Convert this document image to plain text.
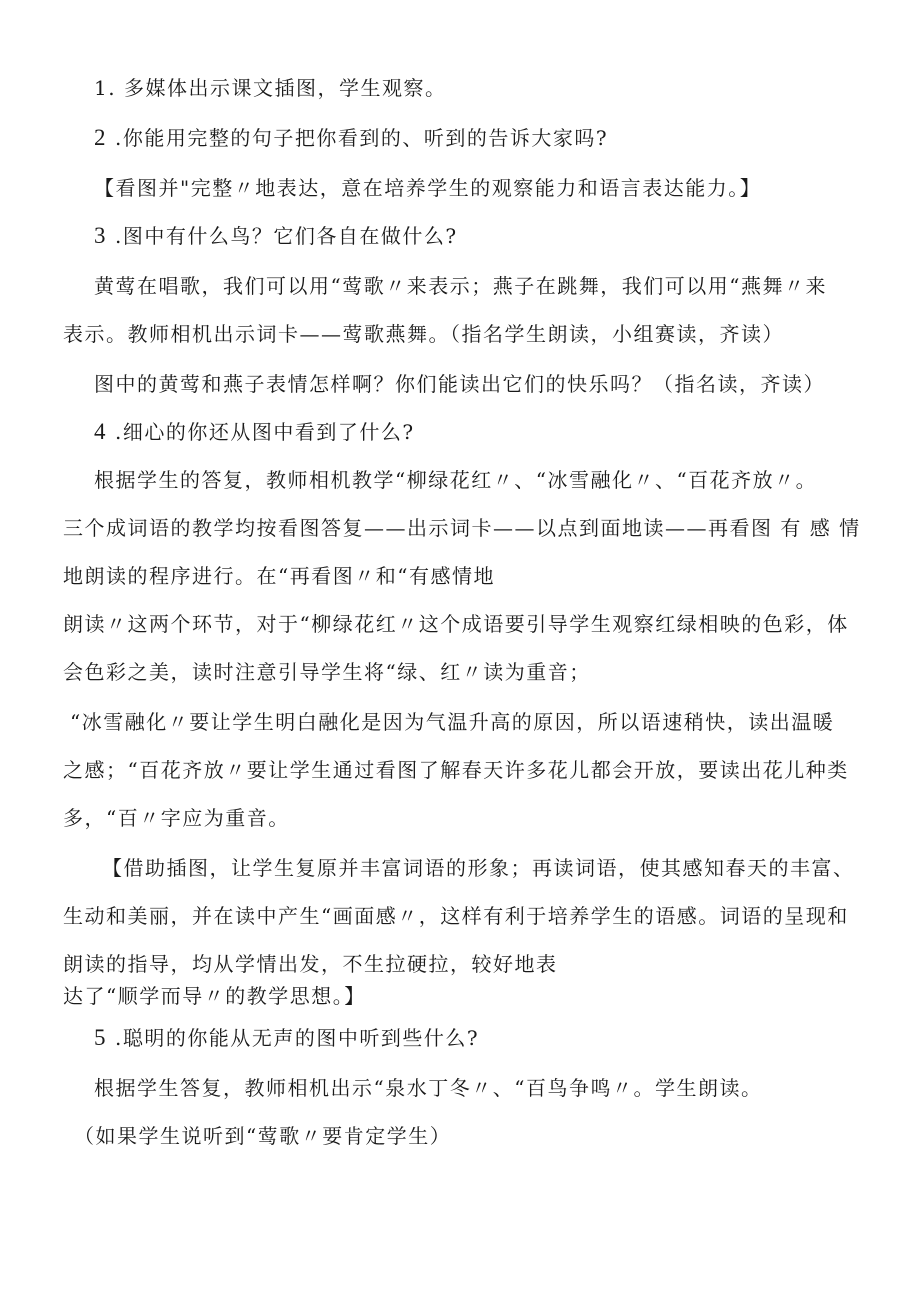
1. 多媒体出示课文插图，学生观察。
2 .你能用完整的句子把你看到的、听到的告诉大家吗?
【看图并"完整〃地表达，意在培养学生的观察能力和语言表达能力。】
3 .图中有什么鸟？它们各自在做什么?
黄莺在唱歌，我们可以用“莺歌〃来表示；燕子在跳舞，我们可以用“燕舞〃来
表示。教师相机出示词卡——莺歌燕舞。（指名学生朗读，小组赛读，齐读）
图中的黄莺和燕子表情怎样啊？你们能读出它们的快乐吗？（指名读，齐读）
4 .细心的你还从图中看到了什么?
根据学生的答复，教师相机教学“柳绿花红〃、“冰雪融化〃、“百花齐放〃。
三个成词语的教学均按看图答复——出示词卡——以点到面地读——再看图 有 感 情
地朗读的程序进行。在“再看图〃和“有感情地
朗读〃这两个环节，对于“柳绿花红〃这个成语要引导学生观察红绿相映的色彩，体
会色彩之美，读时注意引导学生将“绿、红〃读为重音；
“冰雪融化〃要让学生明白融化是因为气温升高的原因，所以语速稍快，读出温暖
之感；“百花齐放〃要让学生通过看图了解春天许多花儿都会开放，要读出花儿种类
多，“百〃字应为重音。
【借助插图，让学生复原并丰富词语的形象；再读词语，使其感知春天的丰富、
生动和美丽，并在读中产生“画面感〃，这样有利于培养学生的语感。词语的呈现和
朗读的指导，均从学情出发，不生拉硬拉，较好地表
达了“顺学而导〃的教学思想。】
5 .聪明的你能从无声的图中听到些什么?
根据学生答复，教师相机出示“泉水丁冬〃、“百鸟争鸣〃。学生朗读。
（如果学生说听到“莺歌〃要肯定学生）
